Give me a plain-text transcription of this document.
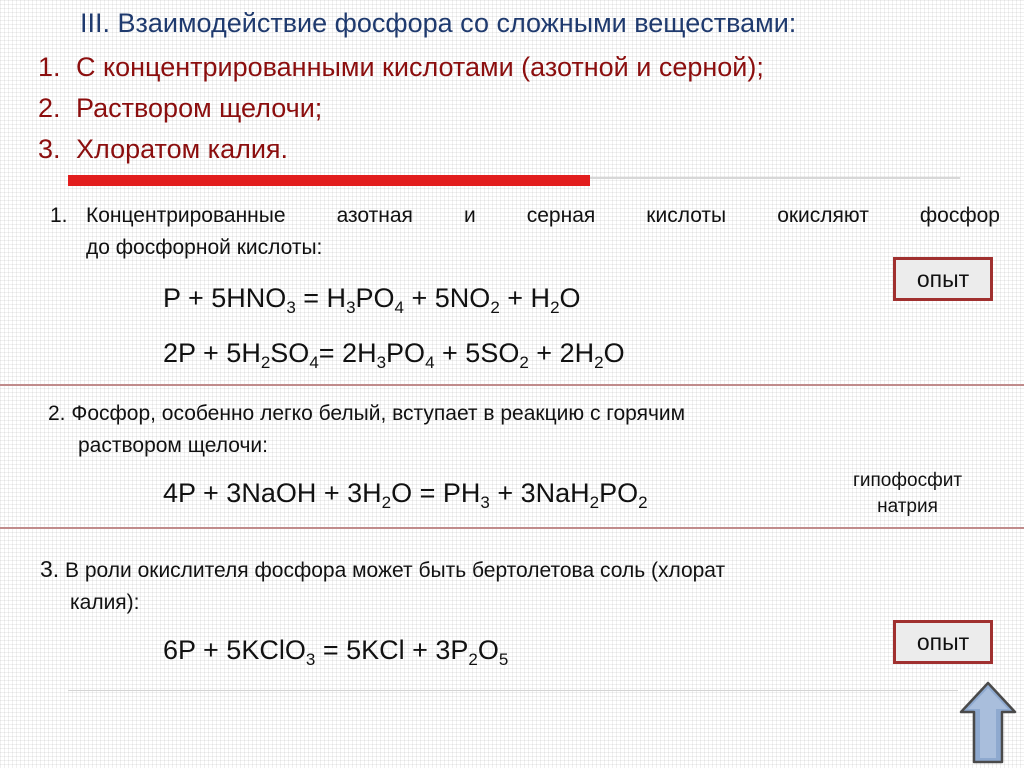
III. Взаимодействие фосфора со сложными веществами:
1. С концентрированными кислотами (азотной и серной);
2. Раствором щелочи;
3. Хлоратом калия.
1. Концентрированные азотная и серная кислоты окисляют фосфор
до фосфорной кислоты:
$P + 5HNO_3 = H_3PO_4 + 5NO_2 + H_2O$
$2P + 5H_2SO_4= 2H_3PO_4 + 5SO_2 + 2H_2O$
опыт
2. Фосфор, особенно легко белый, вступает в реакцию с горячим
раствором щелочи:
4P + 3NaOH + $3H_2O = PH_3 + 3NaH_2PO_2$
гипофосфит
натрия
3. В роли окислителя фосфора может быть бертолетова соль (хлорат
калия):
6P + 5KClO$_3$ = $5KCl + 3P_2O_5$
опыт
